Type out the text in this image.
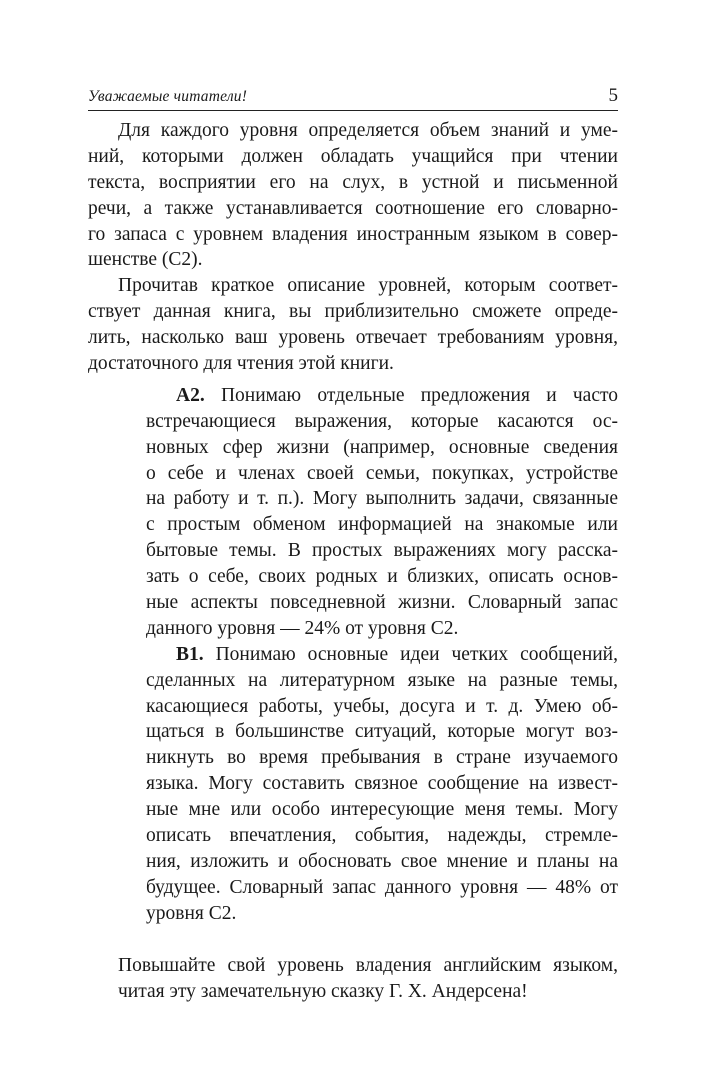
Уважаемые читатели!	5
Для каждого уровня определяется объем знаний и уме-
ний, которыми должен обладать учащийся при чтении
текста, восприятии его на слух, в устной и письменной
речи, а также устанавливается соотношение его словарно-
го запаса с уровнем владения иностранным языком в совер-
шенстве (С2).
Прочитав краткое описание уровней, которым соответ-
ствует данная книга, вы приблизительно сможете опреде-
лить, насколько ваш уровень отвечает требованиям уровня,
достаточного для чтения этой книги.
А2. Понимаю отдельные предложения и часто
встречающиеся выражения, которые касаются ос-
новных сфер жизни (например, основные сведения
о себе и членах своей семьи, покупках, устройстве
на работу и т. п.). Могу выполнить задачи, связанные
с простым обменом информацией на знакомые или
бытовые темы. В простых выражениях могу расска-
зать о себе, своих родных и близких, описать основ-
ные аспекты повседневной жизни. Словарный запас
данного уровня — 24% от уровня С2.
В1. Понимаю основные идеи четких сообщений,
сделанных на литературном языке на разные темы,
касающиеся работы, учебы, досуга и т. д. Умею об-
щаться в большинстве ситуаций, которые могут воз-
никнуть во время пребывания в стране изучаемого
языка. Могу составить связное сообщение на извест-
ные мне или особо интересующие меня темы. Могу
описать впечатления, события, надежды, стремле-
ния, изложить и обосновать свое мнение и планы на
будущее. Словарный запас данного уровня — 48% от
уровня С2.
Повышайте свой уровень владения английским языком,
читая эту замечательную сказку Г. Х. Андерсена!
